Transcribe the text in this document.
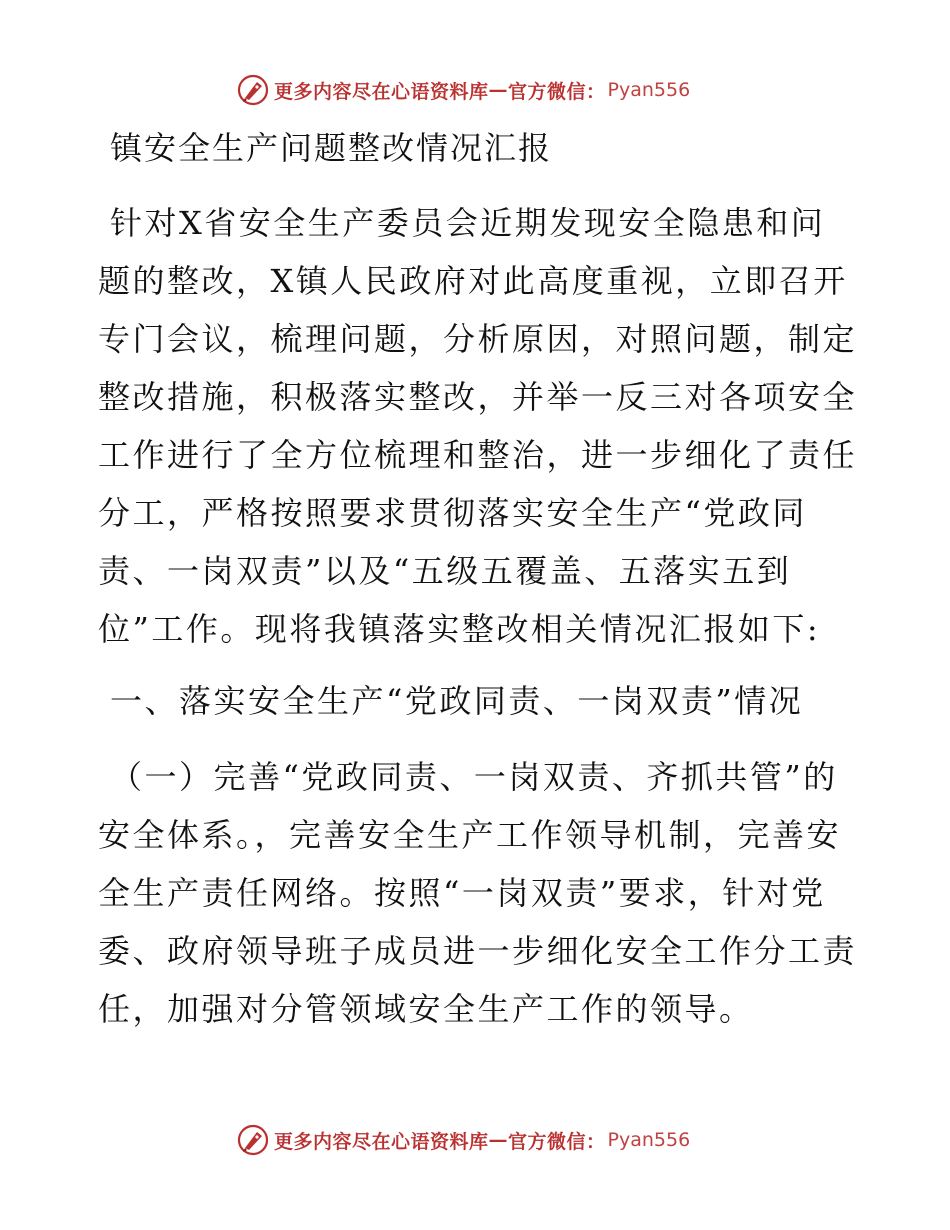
更多内容尽在心语资料库 — 官方微信： Pyan556
镇安全生产问题整改情况汇报

针对X省安全生产委员会近期发现安全隐患和问题的整改，X镇人民政府对此高度重视，立即召开专门会议，梳理问题，分析原因，对照问题，制定整改措施，积极落实整改，并举一反三对各项安全工作进行了全方位梳理和整治，进一步细化了责任分工，严格按照要求贯彻落实安全生产“党政同责、一岗双责”以及“五级五覆盖、五落实五到位”工作。现将我镇落实整改相关情况汇报如下:

一、落实安全生产“党政同责、一岗双责”情况

（一）完善“党政同责、一岗双责、齐抓共管”的安全体系。，完善安全生产工作领导机制，完善安全生产责任网络。按照“一岗双责”要求，针对党委、政府领导班子成员进一步细化安全工作分工责任，加强对分管领域安全生产工作的领导。

更多内容尽在心语资料库 — 官方微信： Pyan556
